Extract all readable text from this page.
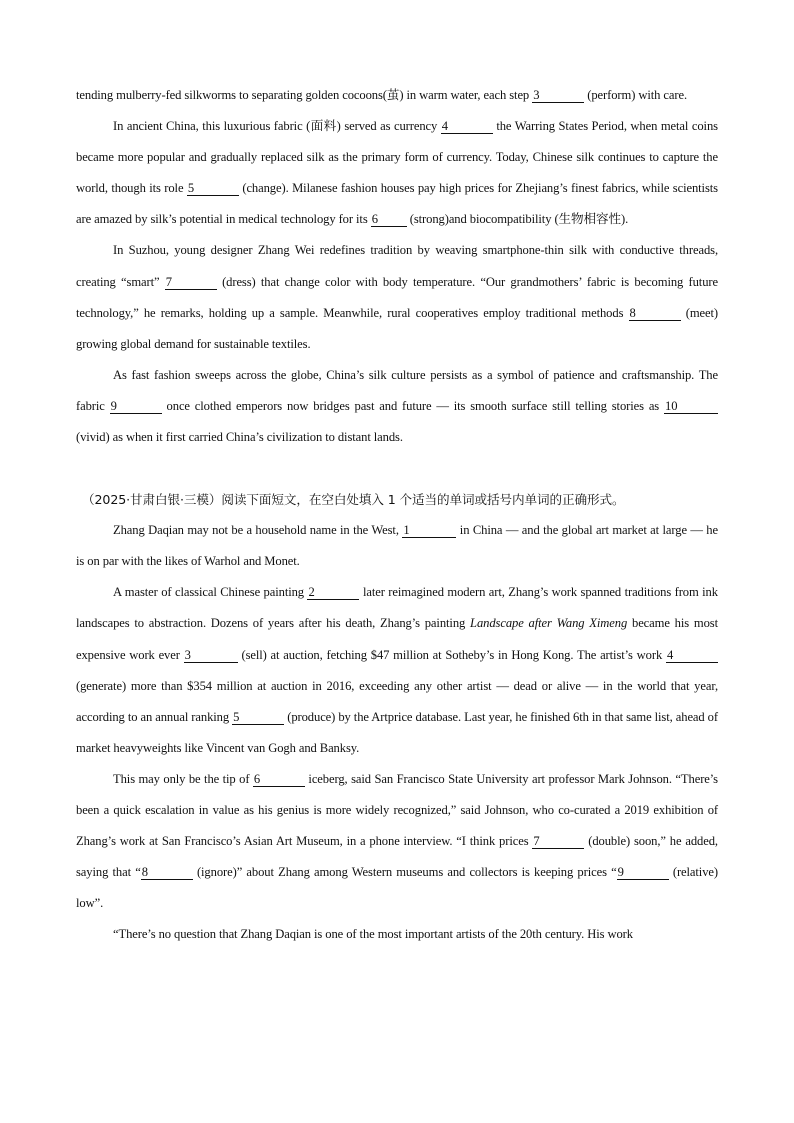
tending mulberry-fed silkworms to separating golden cocoons(茧) in warm water, each step 3	(perform) with care.

In ancient China, this luxurious fabric (面料) served as currency 4	the Warring States Period, when metal coins became more popular and gradually replaced silk as the primary form of currency. Today, Chinese silk continues to capture the world, though its role 5	(change). Milanese fashion houses pay high prices for Zhejiang’s finest fabrics, while scientists are amazed by silk’s potential in medical technology for its 6	(strong)and biocompatibility (生物相容性).

In Suzhou, young designer Zhang Wei redefines tradition by weaving smartphone-thin silk with conductive threads, creating “smart” 7	(dress) that change color with body temperature. “Our grandmothers’ fabric is becoming future technology,” he remarks, holding up a sample. Meanwhile, rural cooperatives employ traditional methods 8	(meet) growing global demand for sustainable textiles.

As fast fashion sweeps across the globe, China’s silk culture persists as a symbol of patience and craftsmanship. The fabric 9	once clothed emperors now bridges past and future — its smooth surface still telling stories as 10 (vivid) as when it first carried China’s civilization to distant lands.

（2025·甘肃白银·三模）阅读下面短文，在空白处填入 1 个适当的单词或括号内单词的正确形式。

Zhang Daqian may not be a household name in the West, 1	in China — and the global art market at large — he is on par with the likes of Warhol and Monet.

A master of classical Chinese painting 2	later reimagined modern art, Zhang’s work spanned traditions from ink landscapes to abstraction. Dozens of years after his death, Zhang’s painting Landscape after Wang Ximeng became his most expensive work ever 3	(sell) at auction, fetching $47 million at Sotheby’s in Hong Kong. The artist’s work 4 (generate) more than $354 million at auction in 2016, exceeding any other artist — dead or alive — in the world that year, according to an annual ranking 5	(produce) by the Artprice database. Last year, he finished 6th in that same list, ahead of market heavyweights like Vincent van Gogh and Banksy.

This may only be the tip of 6	iceberg, said San Francisco State University art professor Mark Johnson. “There’s been a quick escalation in value as his genius is more widely recognized,” said Johnson, who co-curated a 2019 exhibition of Zhang’s work at San Francisco’s Asian Art Museum, in a phone interview. “I think prices 7	(double) soon,” he added, saying that “8	(ignore)” about Zhang among Western museums and collectors is keeping prices “9	(relative) low”.

“There’s no question that Zhang Daqian is one of the most important artists of the 20th century. His work
